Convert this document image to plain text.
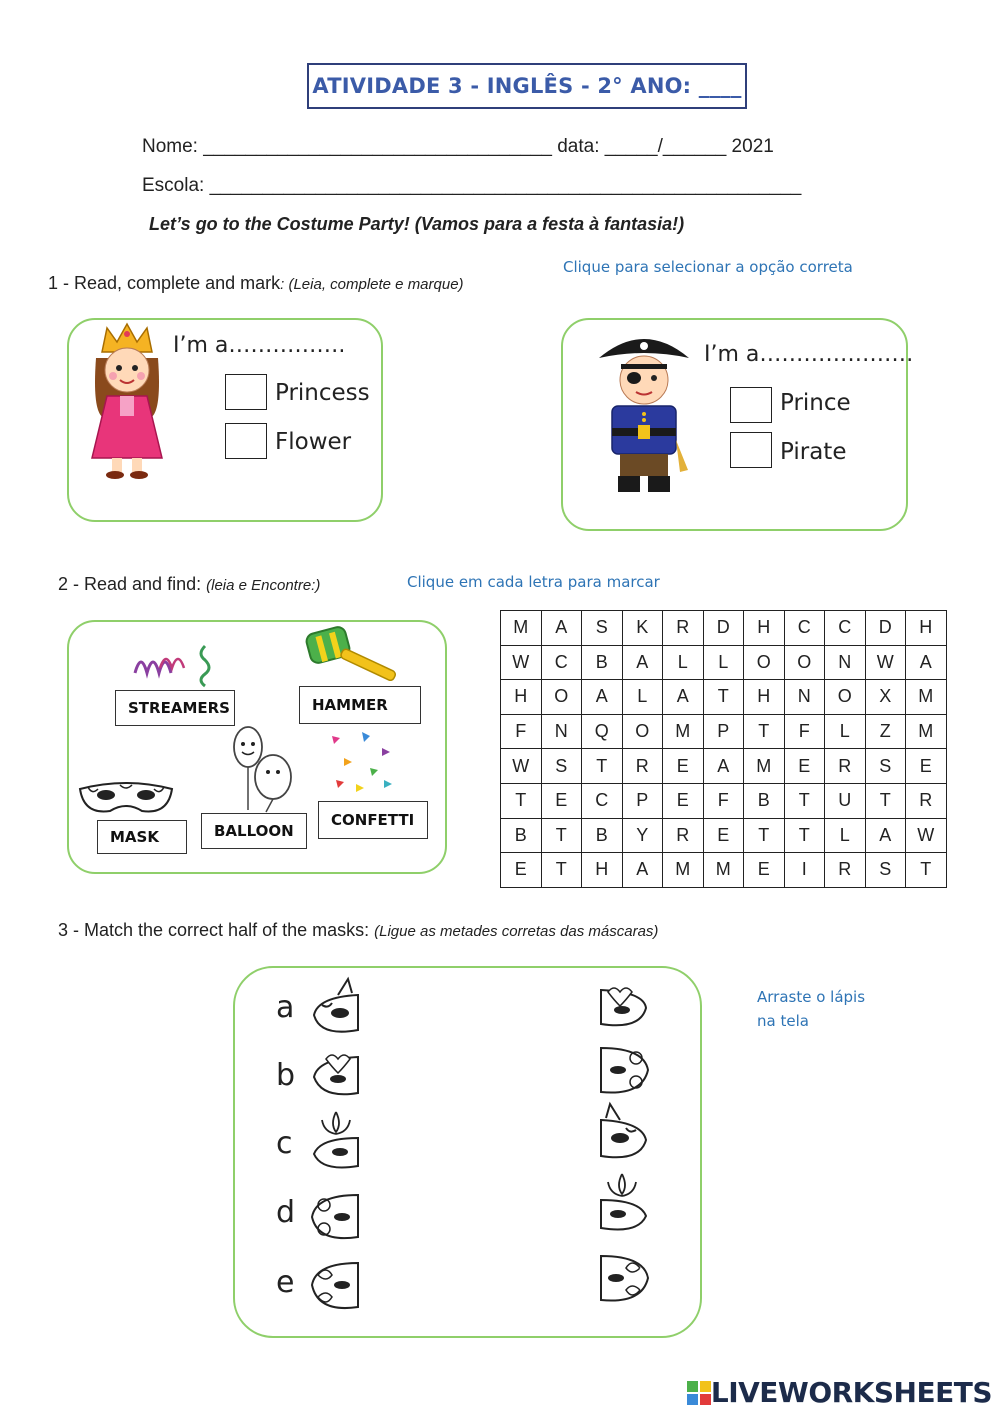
ATIVIDADE 3 - INGLÊS - 2° ANO: ____
Nome: _________________________________ data: _____/______ 2021
Escola: ________________________________________________________
Let’s go to the Costume Party! (Vamos para a festa à fantasia!)
1 - Read, complete and mark: (Leia, complete e marque)
Clique para selecionar a opção correta
I’m a…………….
Princess
Flower
I’m a…………………
Prince
Pirate
2 - Read and find: (leia e Encontre:)	Clique em cada letra para marcar
STREAMERS	HAMMER
MASK	BALLOON
CONFETTI
M	A	S	K	R	D	H	C	C	D	H
W	C	B	A	L	L	O	O	N	W	A
H	O	A	L	A	T	H	N	O	X	M
F	N	Q	O	M	P	T	F	L	Z	M
W	S	T	R	E	A	M	E	R	S	E
T	E	C	P	E	F	B	T	U	T	R
B	T	B	Y	R	E	T	T	L	A	W
E	T	H	A	M	M	E	I	R	S	T
3 - Match the correct half of the masks: (Ligue as metades corretas das máscaras)
Arraste o lápis
na tela
a
b
c
d
e
LIVEWORKSHEETS
